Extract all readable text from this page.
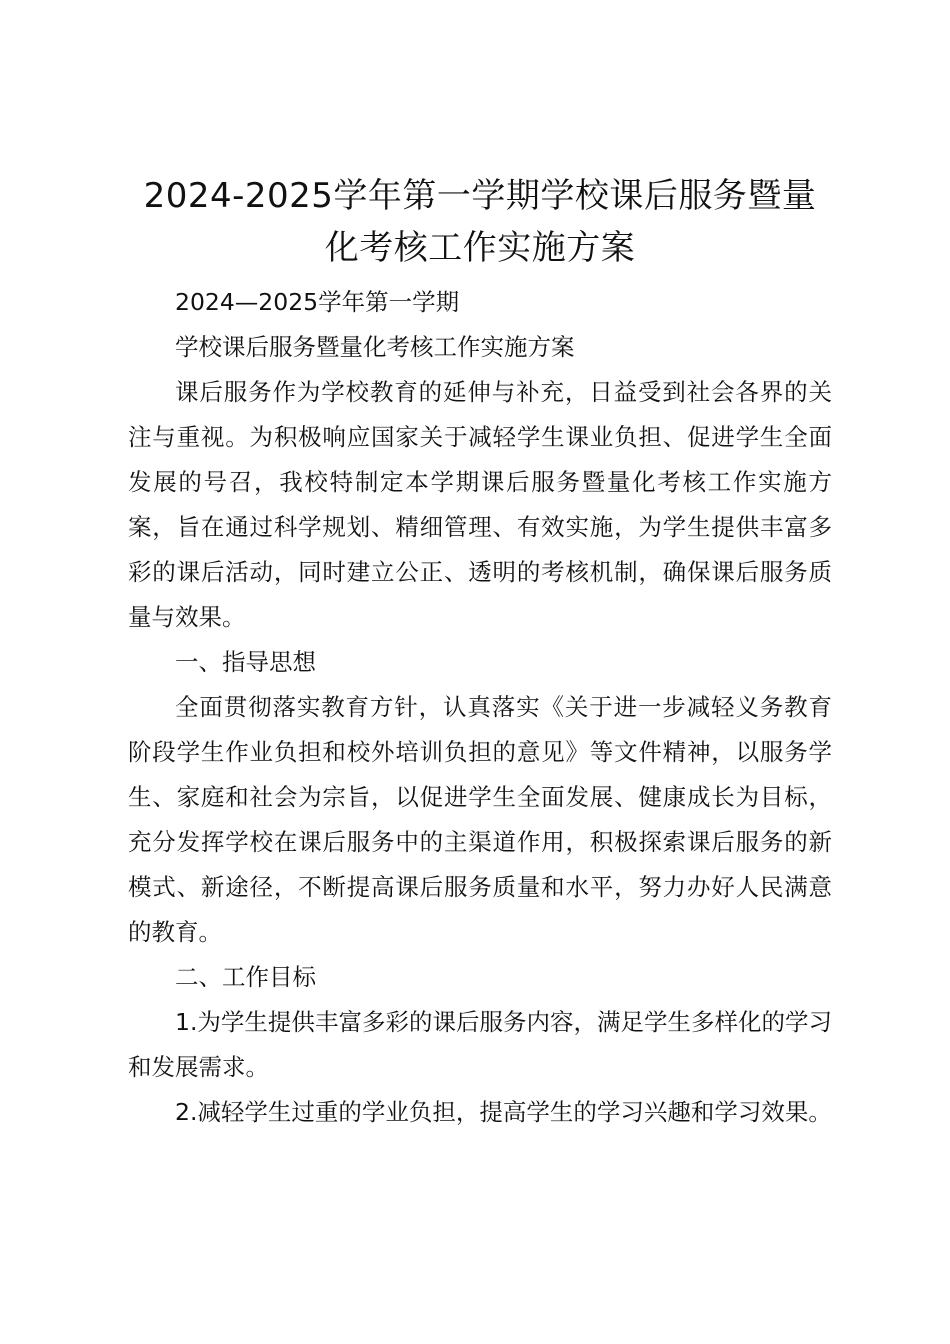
2024-2025学年第一学期学校课后服务暨量化考核工作实施方案

2024—2025学年第一学期

学校课后服务暨量化考核工作实施方案

课后服务作为学校教育的延伸与补充，日益受到社会各界的关注与重视。为积极响应国家关于减轻学生课业负担、促进学生全面发展的号召，我校特制定本学期课后服务暨量化考核工作实施方案，旨在通过科学规划、精细管理、有效实施，为学生提供丰富多彩的课后活动，同时建立公正、透明的考核机制，确保课后服务质量与效果。

一、指导思想

全面贯彻落实教育方针，认真落实《关于进一步减轻义务教育阶段学生作业负担和校外培训负担的意见》等文件精神，以服务学生、家庭和社会为宗旨，以促进学生全面发展、健康成长为目标，充分发挥学校在课后服务中的主渠道作用，积极探索课后服务的新模式、新途径，不断提高课后服务质量和水平，努力办好人民满意的教育。

二、工作目标

1.为学生提供丰富多彩的课后服务内容，满足学生多样化的学习和发展需求。

2.减轻学生过重的学业负担，提高学生的学习兴趣和学习效果。
